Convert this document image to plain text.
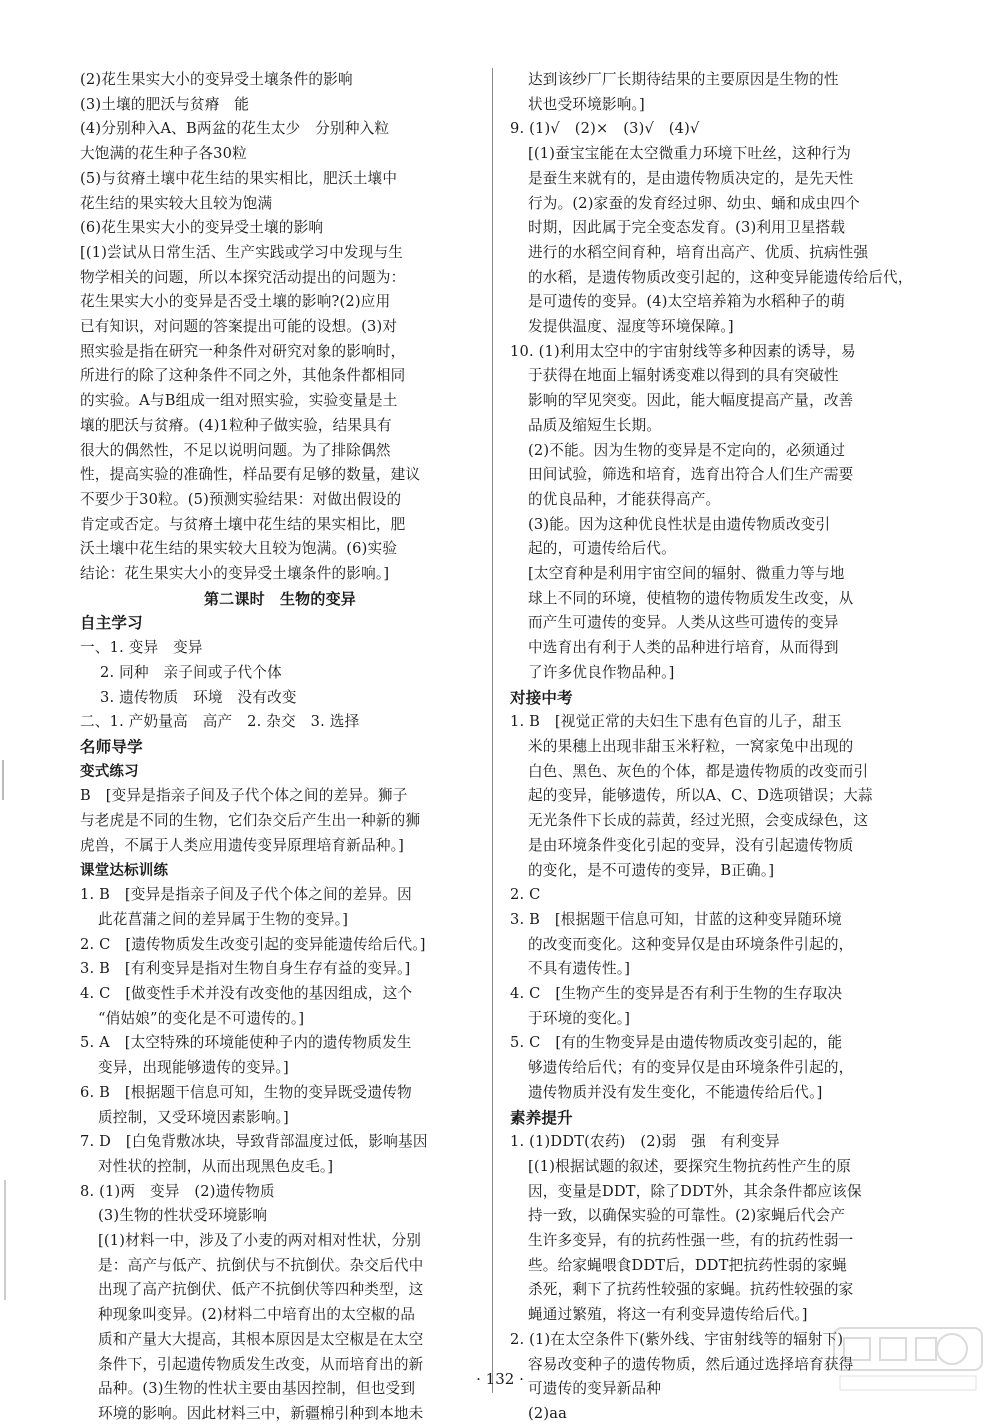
(2)花生果实大小的变异受土壤条件的影响

(3)土壤的肥沃与贫瘠　能

(4)分别种入A、B两盆的花生太少　分别种入粒

大饱满的花生种子各30粒

(5)与贫瘠土壤中花生结的果实相比，肥沃土壤中

花生结的果实较大且较为饱满

(6)花生果实大小的变异受土壤的影响

[(1)尝试从日常生活、生产实践或学习中发现与生

物学相关的问题，所以本探究活动提出的问题为：

花生果实大小的变异是否受土壤的影响?(2)应用

已有知识，对问题的答案提出可能的设想。(3)对

照实验是指在研究一种条件对研究对象的影响时，

所进行的除了这种条件不同之外，其他条件都相同

的实验。A与B组成一组对照实验，实验变量是土

壤的肥沃与贫瘠。(4)1粒种子做实验，结果具有

很大的偶然性，不足以说明问题。为了排除偶然

性，提高实验的准确性，样品要有足够的数量，建议

不要少于30粒。(5)预测实验结果：对做出假设的

肯定或否定。与贫瘠土壤中花生结的果实相比，肥

沃土壤中花生结的果实较大且较为饱满。(6)实验

结论：花生果实大小的变异受土壤条件的影响。]

第二课时　生物的变异

自主学习

一、1. 变异　变异

2. 同种　亲子间或子代个体

3. 遗传物质　环境　没有改变

二、1. 产奶量高　高产　2. 杂交　3. 选择

名师导学

变式练习

B　[变异是指亲子间及子代个体之间的差异。狮子

与老虎是不同的生物，它们杂交后产生出一种新的狮

虎兽，不属于人类应用遗传变异原理培育新品种。]

课堂达标训练

1. B　[变异是指亲子间及子代个体之间的差异。因

此花菖蒲之间的差异属于生物的变异。]

2. C　[遗传物质发生改变引起的变异能遗传给后代。]

3. B　[有利变异是指对生物自身生存有益的变异。]

4. C　[做变性手术并没有改变他的基因组成，这个

“俏姑娘”的变化是不可遗传的。]

5. A　[太空特殊的环境能使种子内的遗传物质发生

变异，出现能够遗传的变异。]

6. B　[根据题干信息可知，生物的变异既受遗传物

质控制，又受环境因素影响。]

7. D　[白兔背敷冰块，导致背部温度过低，影响基因

对性状的控制，从而出现黑色皮毛。]

8. (1)两　变异　(2)遗传物质

(3)生物的性状受环境影响

[(1)材料一中，涉及了小麦的两对相对性状，分别

是：高产与低产、抗倒伏与不抗倒伏。杂交后代中

出现了高产抗倒伏、低产不抗倒伏等四种类型，这

种现象叫变异。(2)材料二中培育出的太空椒的品

质和产量大大提高，其根本原因是太空椒是在太空

条件下，引起遗传物质发生改变，从而培育出的新

品种。(3)生物的性状主要由基因控制，但也受到

环境的影响。因此材料三中，新疆棉引种到本地未

达到该纱厂厂长期待结果的主要原因是生物的性

状也受环境影响。]

9. (1)√　(2)×　(3)√　(4)√

[(1)蚕宝宝能在太空微重力环境下吐丝，这种行为

是蚕生来就有的，是由遗传物质决定的，是先天性

行为。(2)家蚕的发育经过卵、幼虫、蛹和成虫四个

时期，因此属于完全变态发育。(3)利用卫星搭载

进行的水稻空间育种，培育出高产、优质、抗病性强

的水稻，是遗传物质改变引起的，这种变异能遗传给后代，

是可遗传的变异。(4)太空培养箱为水稻种子的萌

发提供温度、湿度等环境保障。]

10. (1)利用太空中的宇宙射线等多种因素的诱导，易

于获得在地面上辐射诱变难以得到的具有突破性

影响的罕见突变。因此，能大幅度提高产量，改善

品质及缩短生长期。

(2)不能。因为生物的变异是不定向的，必须通过

田间试验，筛选和培育，选育出符合人们生产需要

的优良品种，才能获得高产。

(3)能。因为这种优良性状是由遗传物质改变引

起的，可遗传给后代。

[太空育种是利用宇宙空间的辐射、微重力等与地

球上不同的环境，使植物的遗传物质发生改变，从

而产生可遗传的变异。人类从这些可遗传的变异

中选育出有利于人类的品种进行培育，从而得到

了许多优良作物品种。]

对接中考

1. B　[视觉正常的夫妇生下患有色盲的儿子，甜玉

米的果穗上出现非甜玉米籽粒，一窝家兔中出现的

白色、黑色、灰色的个体，都是遗传物质的改变而引

起的变异，能够遗传，所以A、C、D选项错误；大蒜

无光条件下长成的蒜黄，经过光照，会变成绿色，这

是由环境条件变化引起的变异，没有引起遗传物质

的变化，是不可遗传的变异，B正确。]

2. C

3. B　[根据题干信息可知，甘蓝的这种变异随环境

的改变而变化。这种变异仅是由环境条件引起的，

不具有遗传性。]

4. C　[生物产生的变异是否有利于生物的生存取决

于环境的变化。]

5. C　[有的生物变异是由遗传物质改变引起的，能

够遗传给后代；有的变异仅是由环境条件引起的，

遗传物质并没有发生变化，不能遗传给后代。]

素养提升

1. (1)DDT(农药)　(2)弱　强　有利变异

[(1)根据试题的叙述，要探究生物抗药性产生的原

因，变量是DDT，除了DDT外，其余条件都应该保

持一致，以确保实验的可靠性。(2)家蝇后代会产

生许多变异，有的抗药性强一些，有的抗药性弱一

些。给家蝇喂食DDT后，DDT把抗药性弱的家蝇

杀死，剩下了抗药性较强的家蝇。抗药性较强的家

蝇通过繁殖，将这一有利变异遗传给后代。]

2. (1)在太空条件下(紫外线、宇宙射线等的辐射下)

容易改变种子的遗传物质，然后通过选择培育获得

可遗传的变异新品种

(2)aa

· 132 ·
